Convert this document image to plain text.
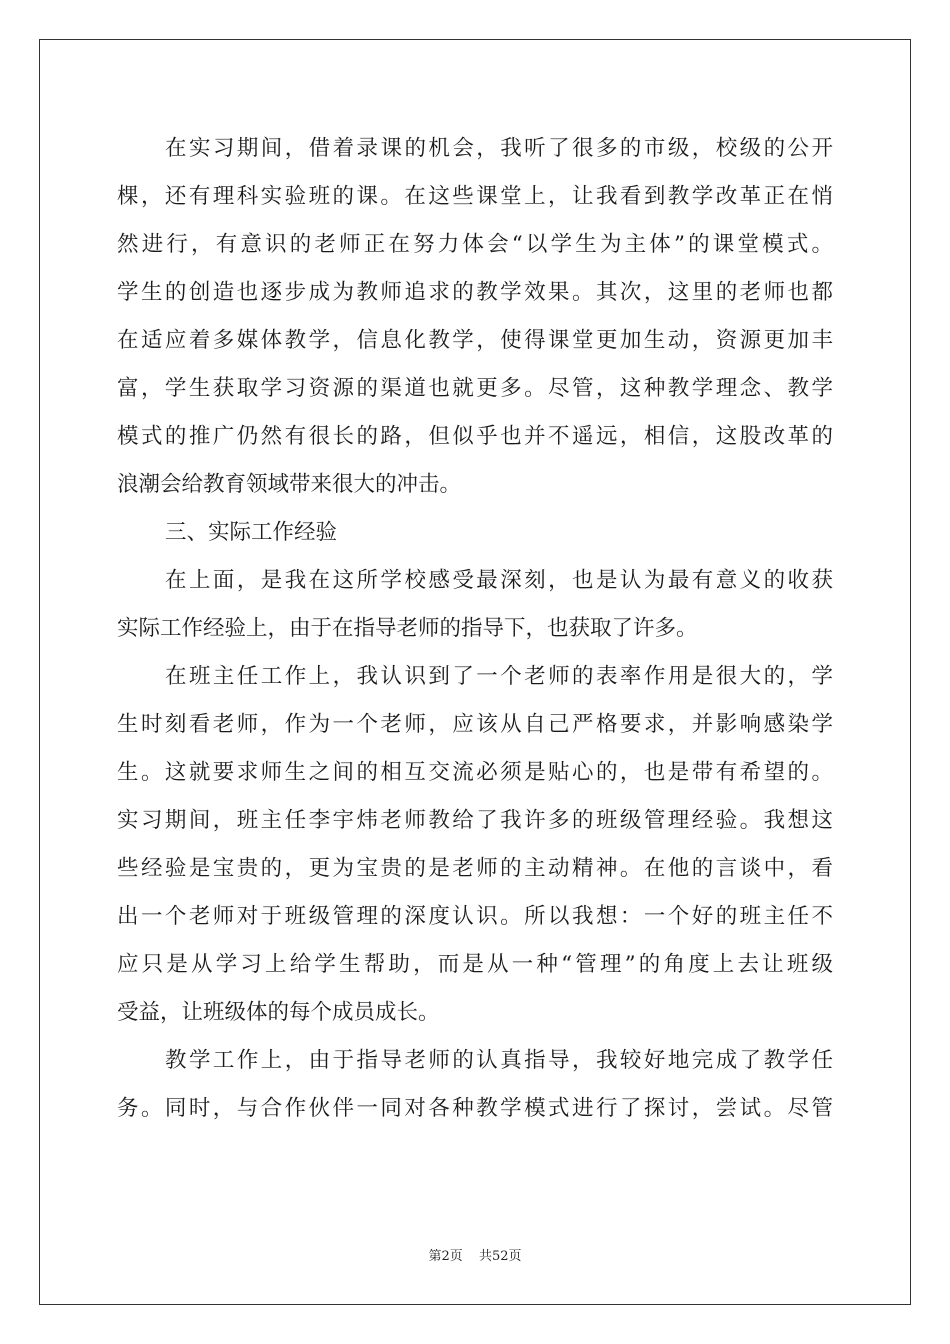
在实习期间，借着录课的机会，我听了很多的市级，校级的公开
棵，还有理科实验班的课。在这些课堂上，让我看到教学改革正在悄
然进行，有意识的老师正在努力体会“以学生为主体”的课堂模式。
学生的创造也逐步成为教师追求的教学效果。其次，这里的老师也都
在适应着多媒体教学，信息化教学，使得课堂更加生动，资源更加丰
富，学生获取学习资源的渠道也就更多。尽管，这种教学理念、教学
模式的推广仍然有很长的路，但似乎也并不遥远，相信，这股改革的
浪潮会给教育领域带来很大的冲击。
三、实际工作经验
在上面，是我在这所学校感受最深刻，也是认为最有意义的收获
实际工作经验上，由于在指导老师的指导下，也获取了许多。
在班主任工作上，我认识到了一个老师的表率作用是很大的，学
生时刻看老师，作为一个老师，应该从自己严格要求，并影响感染学
生。这就要求师生之间的相互交流必须是贴心的，也是带有希望的。
实习期间，班主任李宇炜老师教给了我许多的班级管理经验。我想这
些经验是宝贵的，更为宝贵的是老师的主动精神。在他的言谈中，看
出一个老师对于班级管理的深度认识。所以我想：一个好的班主任不
应只是从学习上给学生帮助，而是从一种“管理”的角度上去让班级
受益，让班级体的每个成员成长。
教学工作上，由于指导老师的认真指导，我较好地完成了教学任
务。同时，与合作伙伴一同对各种教学模式进行了探讨，尝试。尽管
第2页 共52页
